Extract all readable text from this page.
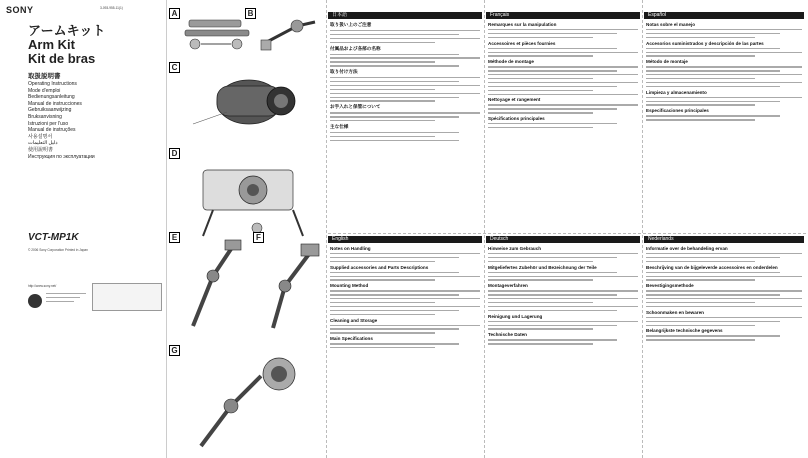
SONY	3-093-955-11(1)
アームキット
Arm Kit
Kit de bras
取扱説明書
Operating Instructions
Mode d'emploi
Bedienungsanleitung
Manual de instrucciones
Gebruiksaanwijzing
Bruksanvisning
Istruzioni per l'uso
Manual de instruções
사용설명서
دليل التعليمات
使用說明書
Инструкция по эксплуатации
VCT-MP1K
© 2006 Sony Corporation Printed in Japan
http://www.sony.net/
A	B
C
D
E	F
G
日本語
取り扱い上のご注意
付属品および各部の名称
取り付け方法
お手入れと保管について
主な仕様
Français
Remarques sur la manipulation
Accessoires et pièces fournies
Méthode de montage
Nettoyage et rangement
Spécifications principales
Español
Notas sobre el manejo
Accesorios suministrados y descripción de las partes
Método de montaje
Limpieza y almacenamiento
Especificaciones principales
English
Notes on Handling
Supplied accessories and Parts Descriptions
Mounting Method
Cleaning and Storage
Main Specifications
Deutsch
Hinweise zum Gebrauch
Mitgeliefertes Zubehör und Bezeichnung der Teile
Montageverfahren
Reinigung und Lagerung
Technische Daten
Nederlands
Informatie over de behandeling ervan
Beschrijving van de bijgeleverde accessoires en onderdelen
Bevestigingsmethode
Schoonmaken en bewaren
Belangrijkste technische gegevens
